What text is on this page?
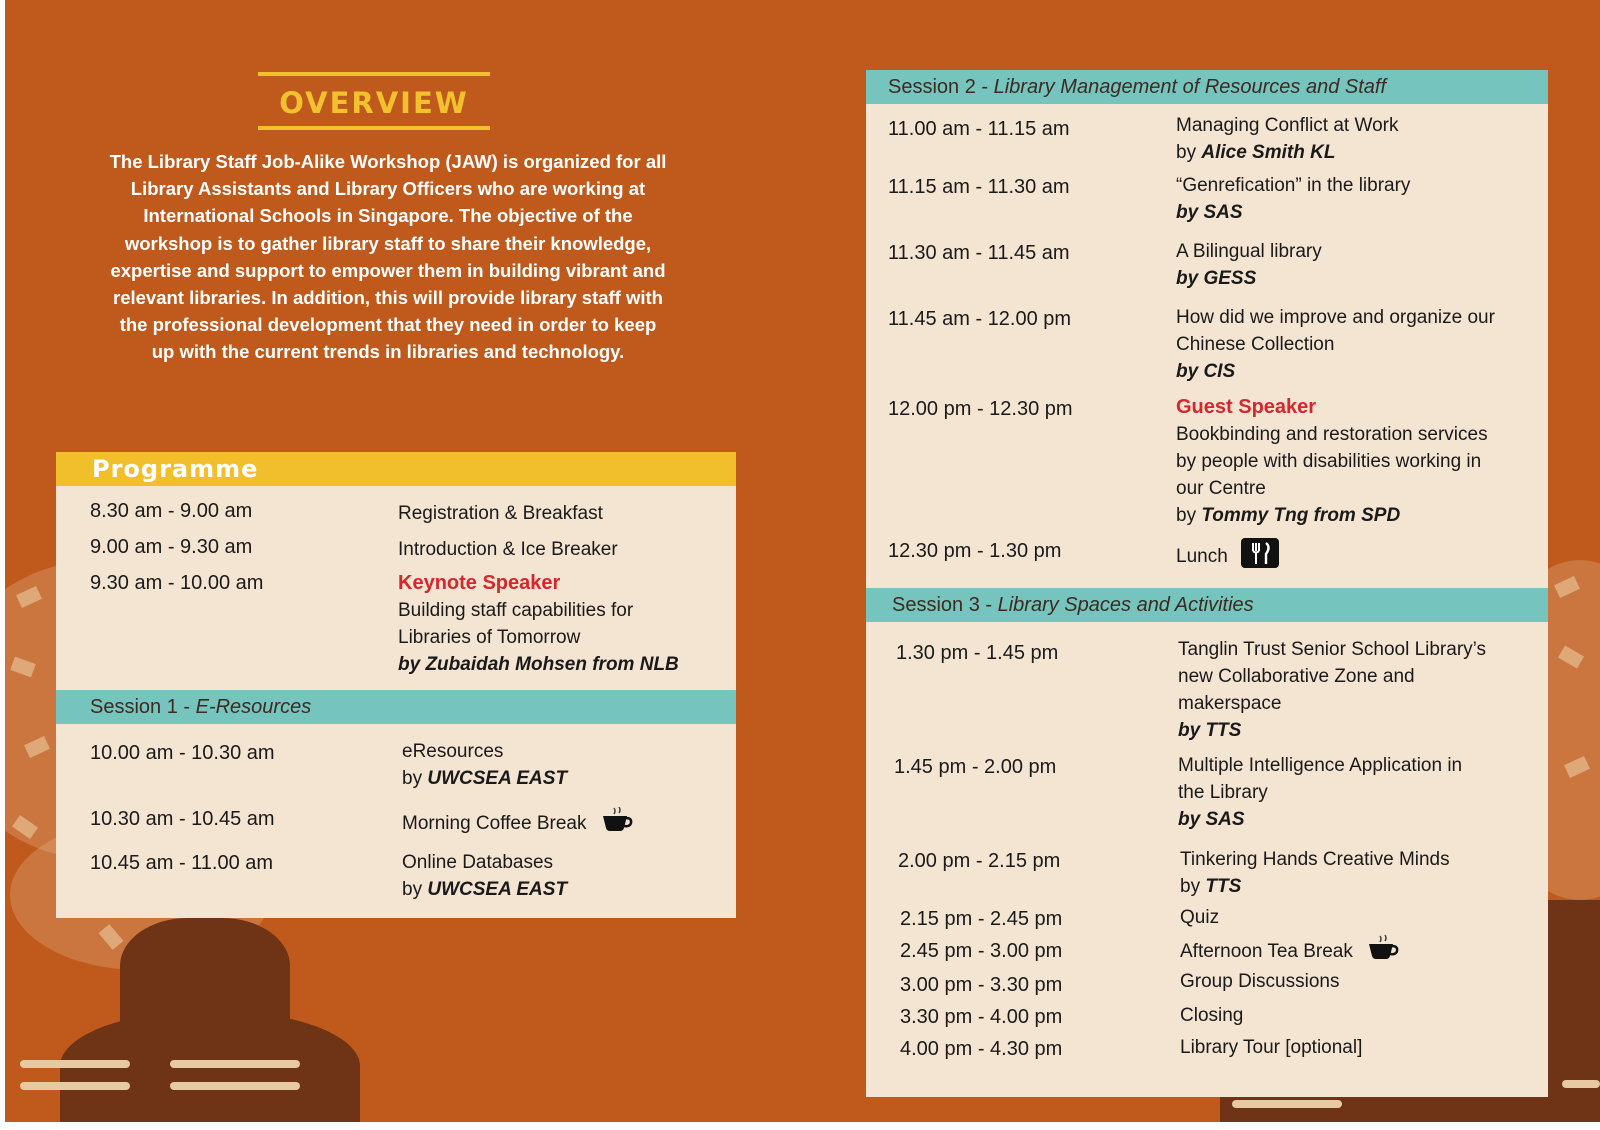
OVERVIEW
The Library Staff Job-Alike Workshop (JAW) is organized for all Library Assistants and Library Officers who are working at International Schools in Singapore. The objective of the workshop is to gather library staff to share their knowledge, expertise and support to empower them in building vibrant and relevant libraries. In addition, this will provide library staff with the professional development that they need in order to keep up with the current trends in libraries and technology.
Programme
8.30 am - 9.00 am	Registration & Breakfast
9.00 am - 9.30 am	Introduction & Ice Breaker
9.30 am - 10.00 am	Keynote Speaker
Building staff capabilities for
Libraries of Tomorrow
by Zubaidah Mohsen from NLB
Session 1 - E-Resources
10.00 am - 10.30 am	eResources
by UWCSEA EAST
10.30 am - 10.45 am	Morning Coffee Break
10.45 am - 11.00 am	Online Databases
by UWCSEA EAST
Session 2 - Library Management of Resources and Staff
11.00 am - 11.15 am	Managing Conflict at Work
by Alice Smith KL
11.15 am - 11.30 am	“Genrefication” in the library
by SAS
11.30 am - 11.45 am	A Bilingual library
by GESS
11.45 am - 12.00 pm	How did we improve and organize our
Chinese Collection
by CIS
12.00 pm - 12.30 pm	Guest Speaker
Bookbinding and restoration services
by people with disabilities working in
our Centre
by Tommy Tng from SPD
12.30 pm - 1.30 pm	Lunch
Session 3 - Library Spaces and Activities
1.30 pm - 1.45 pm	Tanglin Trust Senior School Library’s
new Collaborative Zone and
makerspace
by TTS
1.45 pm - 2.00 pm	Multiple Intelligence Application in
the Library
by SAS
2.00 pm - 2.15 pm	Tinkering Hands Creative Minds
by TTS
2.15 pm - 2.45 pm	Quiz
2.45 pm - 3.00 pm	Afternoon Tea Break
3.00 pm - 3.30 pm	Group Discussions
3.30 pm - 4.00 pm	Closing
4.00 pm - 4.30 pm	Library Tour [optional]
